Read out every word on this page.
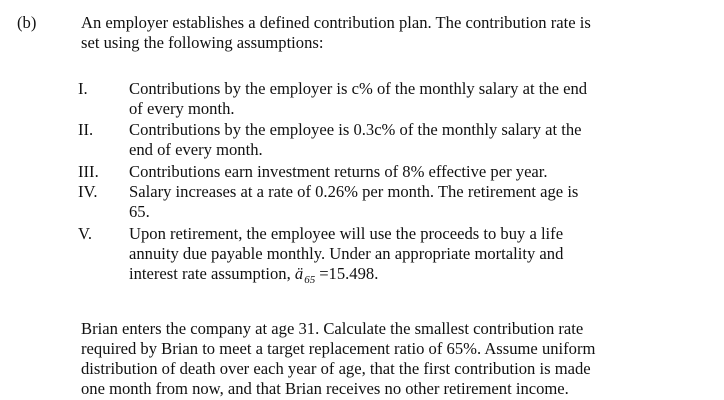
(b)	An employer establishes a defined contribution plan. The contribution rate is

set using the following assumptions:

I.	Contributions by the employer is c% of the monthly salary at the end

of every month.

II.	Contributions by the employee is 0.3c% of the monthly salary at the

end of every month.

III.	Contributions earn investment returns of 8% effective per year.

IV.	Salary increases at a rate of 0.26% per month. The retirement age is

65.

V.	Upon retirement, the employee will use the proceeds to buy a life

annuity due payable monthly. Under an appropriate mortality and

interest rate assumption, $ä_{65} =15.498$.

Brian enters the company at age 31. Calculate the smallest contribution rate

required by Brian to meet a target replacement ratio of 65%. Assume uniform

distribution of death over each year of age, that the first contribution is made

one month from now, and that Brian receives no other retirement income.
